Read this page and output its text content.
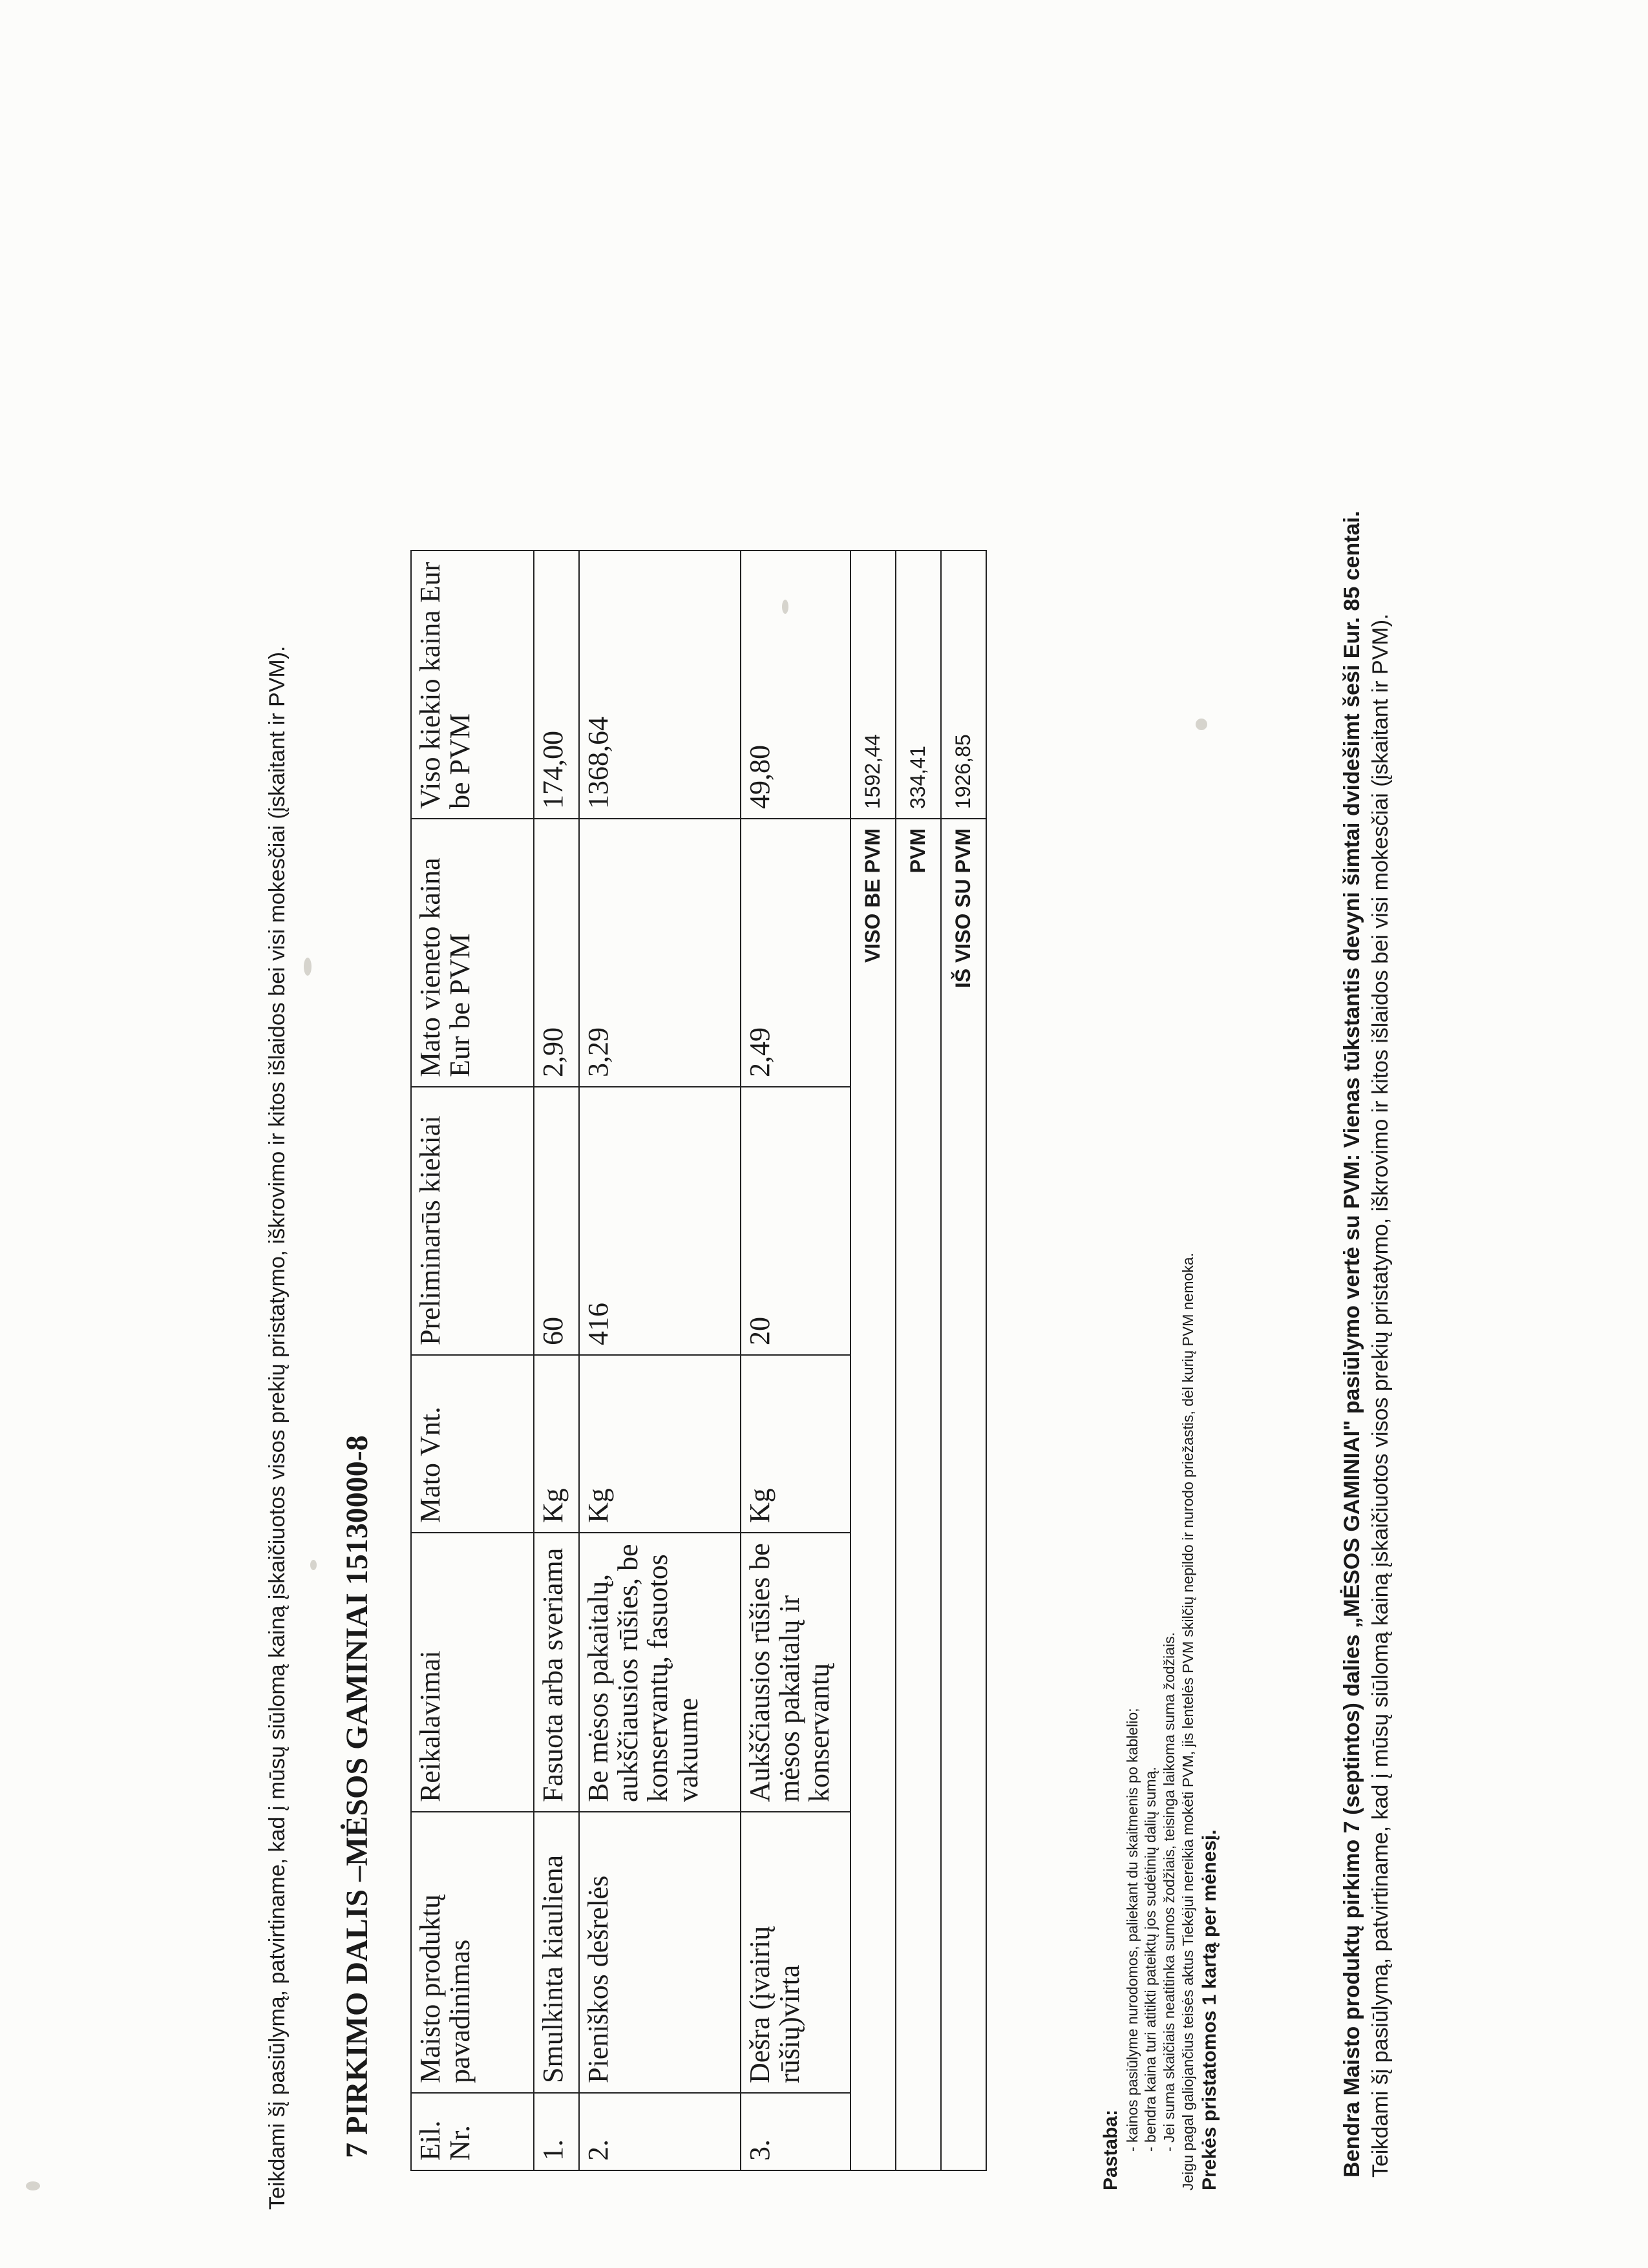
Teikdami šį pasiūlymą, patvirtiname, kad į mūsų siūlomą kainą įskaičiuotos visos prekių pristatymo, iškrovimo ir kitos išlaidos bei visi mokesčiai (įskaitant ir PVM). 7 PIRKIMO DALIS –MĖSOS GAMINIAI 15130000-8 Eil. Nr.	Maisto produktų pavadinimas	Reikalavimai	Mato Vnt.	Preliminarūs kiekiai	Mato vieneto kaina Eur be PVM	Viso kiekio kaina Eur be PVM
1.	Smulkinta kiauliena	Fasuota arba sveriama	Kg	60	2,90	174,00
2.	Pieniškos dešrelės	Be mėsos pakaitalų, aukščiausios rūšies, be konservantų, fasuotos vakuume	Kg	416	3,29	1368,64
3.	Dešra (įvairių rūšių)virta	Aukščiausios rūšies be mėsos pakaitalų ir konservantų	Kg	20	2,49	49,80
VISO BE PVM						1592,44
PVM						334,41
IŠ VISO SU PVM						1926,85
Pastaba:
- kainos pasiūlyme nurodomos, paliekant du skaitmenis po kablelio; - bendra kaina turi atitikti pateiktų jos sudėtinių dalių sumą. - Jei suma skaičiais neatitinka sumos žodžiais, teisinga laikoma suma žodžiais. Jeigu pagal galiojančius teisės aktus Tiekėjui nereikia mokėti PVM, jis lentelės PVM skilčių nepildo ir nurodo priežastis, dėl kurių PVM nemoka. Prekės pristatomos 1 kartą per mėnesį.	Bendra Maisto produktų pirkimo 7 (septintos) dalies „MĖSOS GAMINIAI" pasiūlymo vertė su PVM: Vienas tūkstantis devyni šimtai dvidešimt šeši Eur. 85 centai. Teikdami šį pasiūlymą, patvirtiname, kad į mūsų siūlomą kainą įskaičiuotos visos prekių pristatymo, iškrovimo ir kitos išlaidos bei visi mokesčiai (įskaitant ir PVM).
